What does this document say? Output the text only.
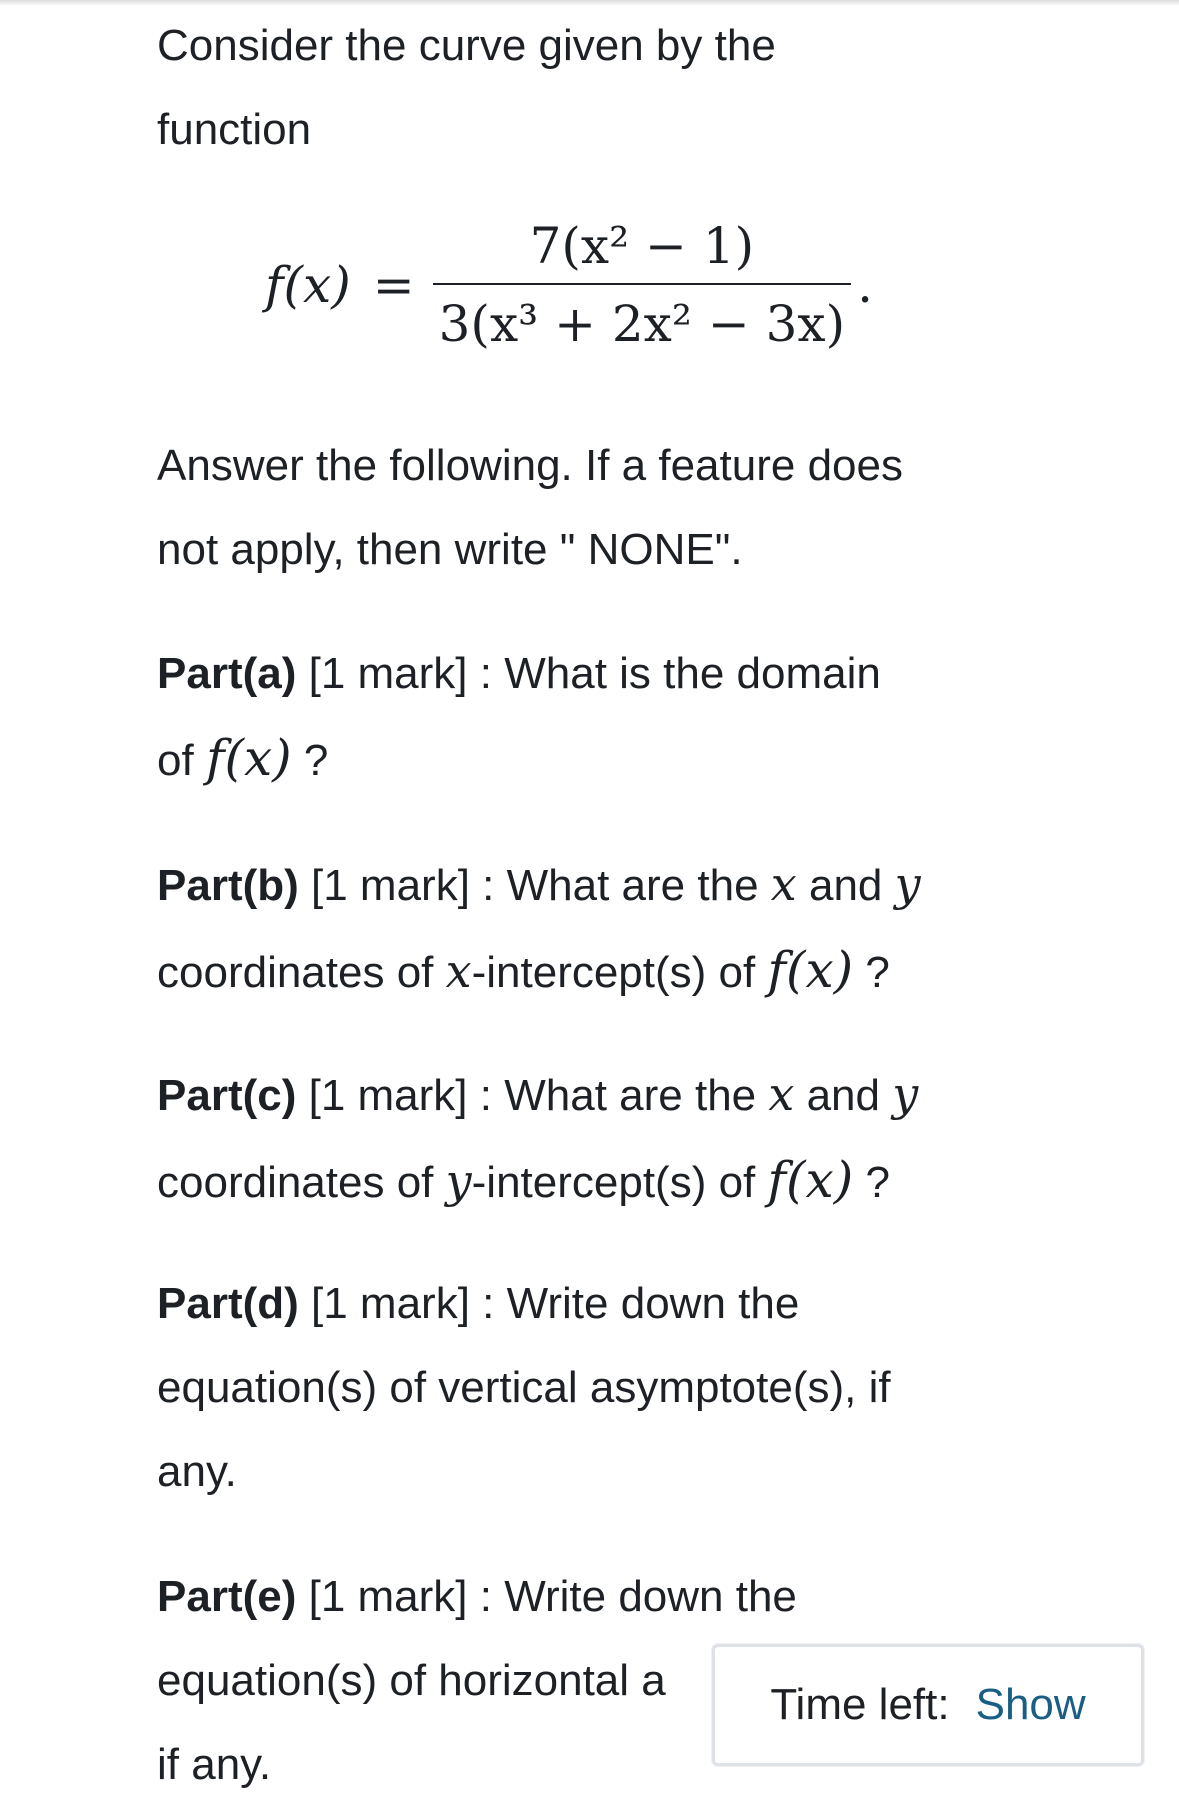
Consider the curve given by the
function

$f(x) = \frac{\text{7(x² − 1)}}{\text{3(x³ + 2x² − 3x)}}$ .

Answer the following. If a feature does
not apply, then write " NONE".

Part(a) [1 mark] : What is the domain
of f(x) ?

Part(b) [1 mark] : What are the x and y
coordinates of x-intercept(s) of f(x) ?

Part(c) [1 mark] : What are the x and y
coordinates of y-intercept(s) of f(x) ?

Part(d) [1 mark] : Write down the
equation(s) of vertical asymptote(s), if
any.

Part(e) [1 mark] : Write down the
equation(s) of horizontal a
if any.

Time left: Show
